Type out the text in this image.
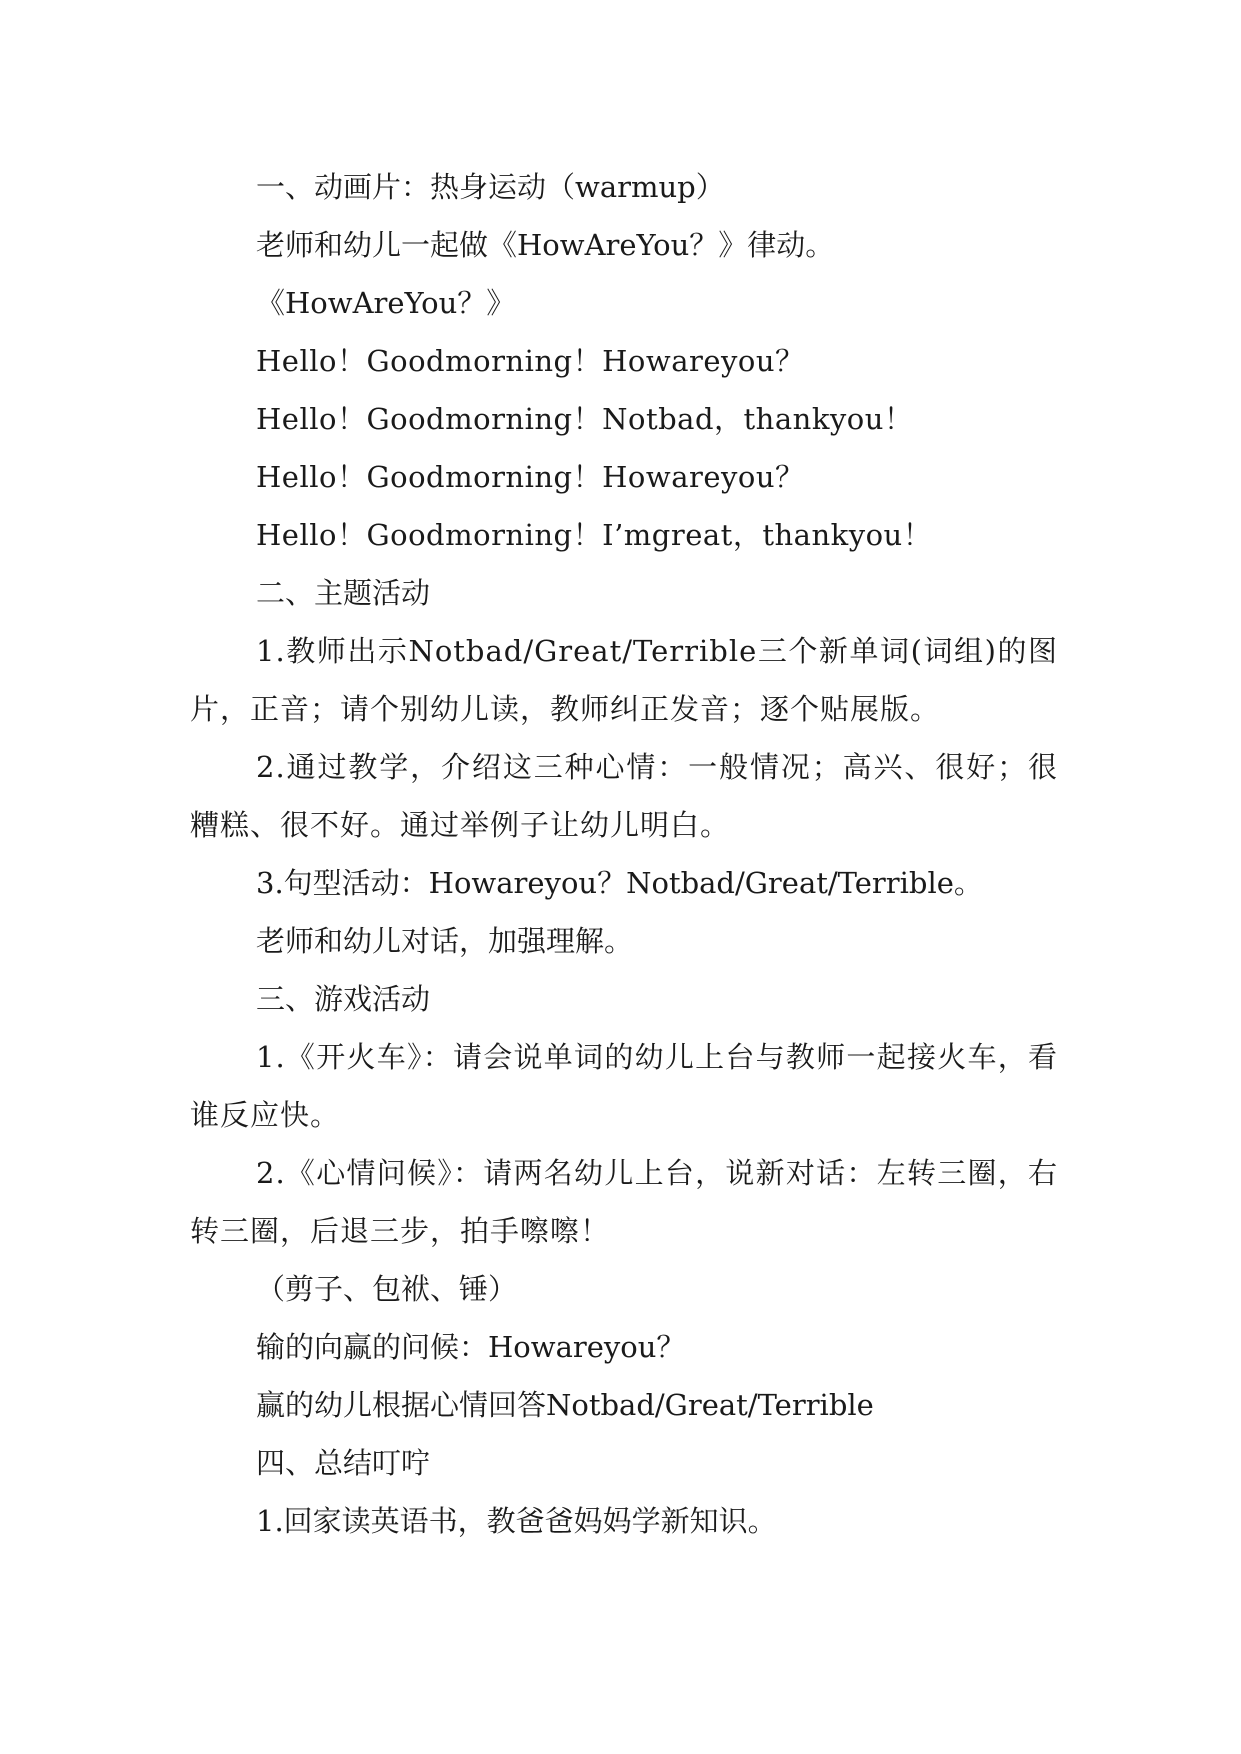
一、动画片：热身运动（warmup）

老师和幼儿一起做《HowAreYou？》律动。

《HowAreYou？》

Hello！Goodmorning！Howareyou？

Hello！Goodmorning！Notbad，thankyou！

Hello！Goodmorning！Howareyou？

Hello！Goodmorning！I’mgreat，thankyou！

二、主题活动

1.教师出示Notbad/Great/Terrible三个新单词(词组)的图片，正音；请个别幼儿读，教师纠正发音；逐个贴展版。

2.通过教学，介绍这三种心情：一般情况；高兴、很好；很糟糕、很不好。通过举例子让幼儿明白。

3.句型活动：Howareyou？Notbad/Great/Terrible。

老师和幼儿对话，加强理解。

三、游戏活动

1.《开火车》：请会说单词的幼儿上台与教师一起接火车，看谁反应快。

2.《心情问候》：请两名幼儿上台，说新对话：左转三圈，右转三圈，后退三步，拍手嚓嚓！

（剪子、包袱、锤）

输的向赢的问候：Howareyou？

赢的幼儿根据心情回答Notbad/Great/Terrible

四、总结叮咛

1.回家读英语书，教爸爸妈妈学新知识。
